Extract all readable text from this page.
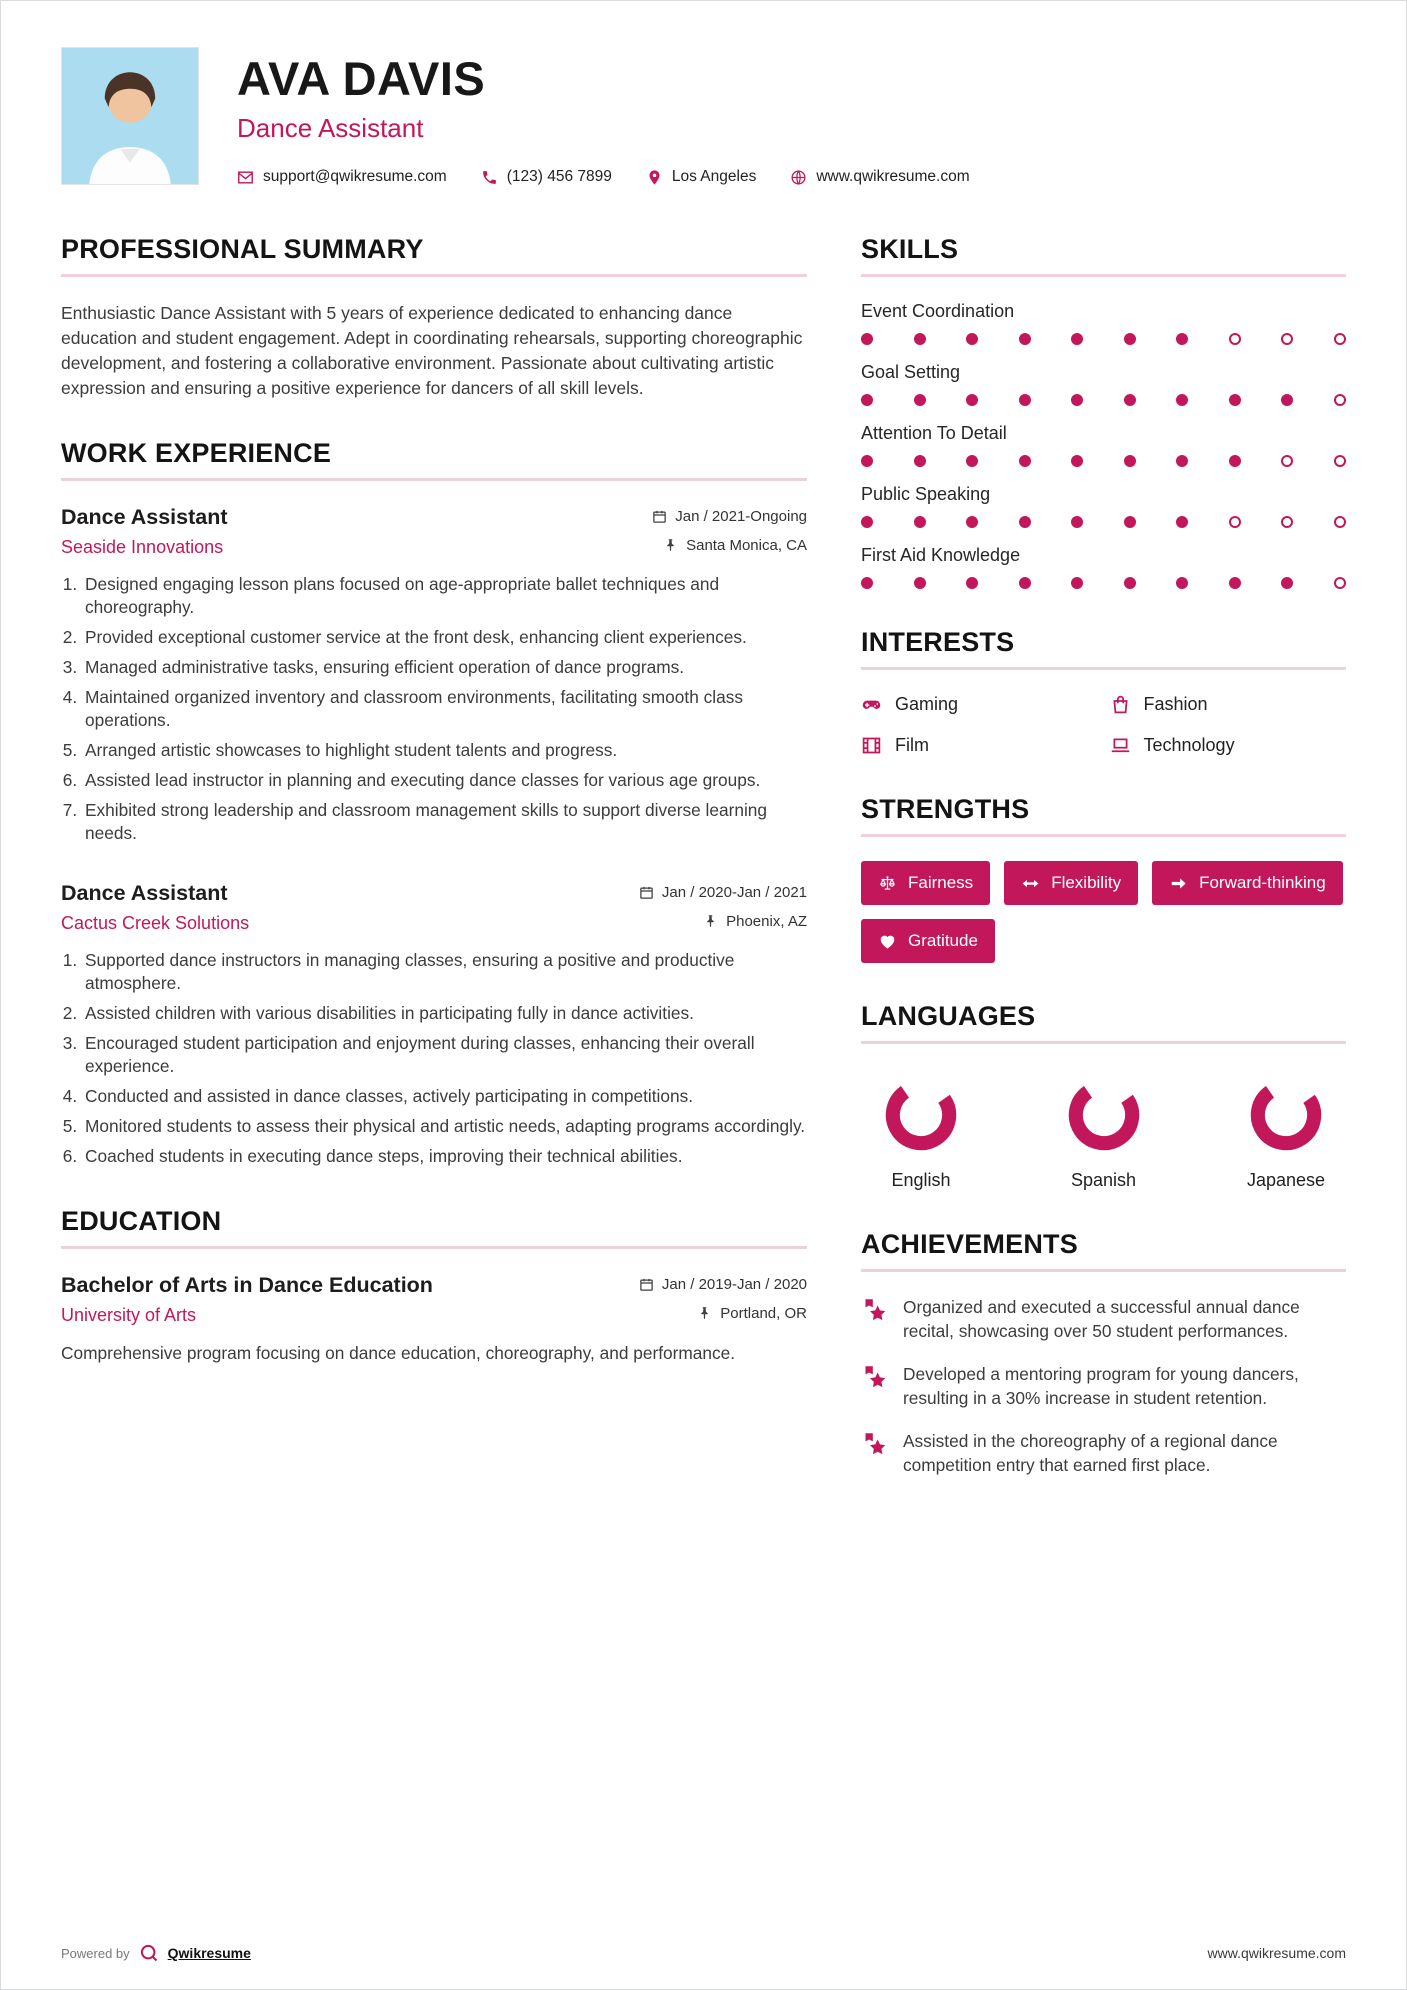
AVA DAVIS
Dance Assistant
support@qwikresume.com	(123) 456 7899	Los Angeles	www.qwikresume.com
PROFESSIONAL SUMMARY

Enthusiastic Dance Assistant with 5 years of experience dedicated to enhancing dance education and student engagement. Adept in coordinating rehearsals, supporting choreographic development, and fostering a collaborative environment. Passionate about cultivating artistic expression and ensuring a positive experience for dancers of all skill levels.

WORK EXPERIENCE
Dance Assistant	Jan / 2021-Ongoing
Seaside Innovations	Santa Monica, CA
1. Designed engaging lesson plans focused on age-appropriate ballet techniques and choreography.
2. Provided exceptional customer service at the front desk, enhancing client experiences.
3. Managed administrative tasks, ensuring efficient operation of dance programs.
4. Maintained organized inventory and classroom environments, facilitating smooth class operations.
5. Arranged artistic showcases to highlight student talents and progress.
6. Assisted lead instructor in planning and executing dance classes for various age groups.
7. Exhibited strong leadership and classroom management skills to support diverse learning needs.
Dance Assistant	Jan / 2020-Jan / 2021
Cactus Creek Solutions	Phoenix, AZ
1. Supported dance instructors in managing classes, ensuring a positive and productive atmosphere.
2. Assisted children with various disabilities in participating fully in dance activities.
3. Encouraged student participation and enjoyment during classes, enhancing their overall experience.
4. Conducted and assisted in dance classes, actively participating in competitions.
5. Monitored students to assess their physical and artistic needs, adapting programs accordingly.
6. Coached students in executing dance steps, improving their technical abilities.
EDUCATION
Bachelor of Arts in Dance Education	Jan / 2019-Jan / 2020
University of Arts	Portland, OR

Comprehensive program focusing on dance education, choreography, and performance.

SKILLS
Event Coordination
Goal Setting
Attention To Detail
Public Speaking
First Aid Knowledge
INTERESTS
Gaming	Fashion
Film	Technology
STRENGTHS
Fairness	Flexibility	Forward-thinking
Gratitude
LANGUAGES
English	Spanish	Japanese
ACHIEVEMENTS

Organized and executed a successful annual dance recital, showcasing over 50 student performances.

Developed a mentoring program for young dancers, resulting in a 30% increase in student retention.

Assisted in the choreography of a regional dance competition entry that earned first place.

Powered by	Qwikresume	www.qwikresume.com
